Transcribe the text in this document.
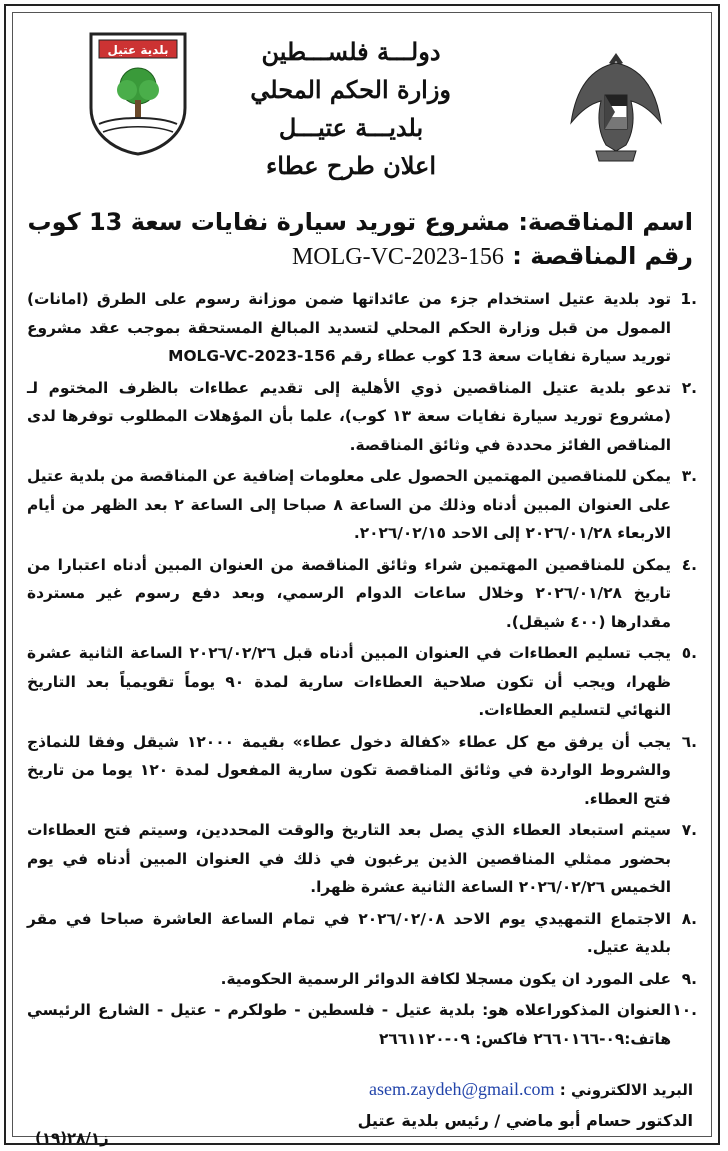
دولـــة فلســـطين
وزارة الحكم المحلي
بلديـــة عتيـــل
اعلان طرح عطاء
بلدية عتيل
اسم المناقصة: مشروع توريد سيارة نفايات سعة 13 كوب
رقم المناقصة : MOLG-VC-2023-156
.1
تود بلدية عتيل استخدام جزء من عائداتها ضمن موزانة رسوم على الطرق (امانات) الممول من قبل وزارة الحكم المحلي لتسديد المبالغ المستحقة بموجب عقد مشروع توريد سيارة نفايات سعة 13 كوب عطاء رقم MOLG-VC-2023-156
.٢
تدعو بلدية عتيل المناقصين ذوي الأهلية إلى تقديم عطاءات بالظرف المختوم لـ (مشروع توريد سيارة نفايات سعة ١٣ كوب)، علما بأن المؤهلات المطلوب توفرها لدى المناقص الفائز محددة في وثائق المناقصة.
.٣
يمكن للمناقصين المهتمين الحصول على معلومات إضافية عن المناقصة من بلدية عتيل على العنوان المبين أدناه وذلك من الساعة ٨ صباحا إلى الساعة ٢ بعد الظهر من أيام الاربعاء ٢٠٢٦/٠١/٢٨ إلى الاحد ٢٠٢٦/٠٢/١٥.
.٤
يمكن للمناقصين المهتمين شراء وثائق المناقصة من العنوان المبين أدناه اعتبارا من تاريخ ٢٠٢٦/٠١/٢٨ وخلال ساعات الدوام الرسمي، وبعد دفع رسوم غير مستردة مقدارها (٤٠٠ شيقل).
.٥
يجب تسليم العطاءات في العنوان المبين أدناه قبل ٢٠٢٦/٠٢/٢٦ الساعة الثانية عشرة ظهرا، ويجب أن تكون صلاحية العطاءات سارية لمدة ٩٠ يوماً تقويمياً بعد التاريخ النهائي لتسليم العطاءات.
.٦
يجب أن يرفق مع كل عطاء «كفالة دخول عطاء» بقيمة ١٢٠٠٠ شيقل وفقا للنماذج والشروط الواردة في وثائق المناقصة تكون سارية المفعول لمدة ١٢٠ يوما من تاريخ فتح العطاء.
.٧
سيتم استبعاد العطاء الذي يصل بعد التاريخ والوقت المحددين، وسيتم فتح العطاءات بحضور ممثلي المناقصين الذين يرغبون في ذلك في العنوان المبين أدناه في يوم الخميس ٢٠٢٦/٠٢/٢٦ الساعة الثانية عشرة ظهرا.
.٨
الاجتماع التمهيدي يوم الاحد ٢٠٢٦/٠٢/٠٨ في تمام الساعة العاشرة صباحا في مقر بلدية عتيل.
.٩
على المورد ان يكون مسجلا لكافة الدوائر الرسمية الحكومية.
.١٠
العنوان المذكوراعلاه هو: بلدية عتيل - فلسطين - طولكرم - عتيل - الشارع الرئيسي هاتف:٠٩-٢٦٦٠١٦٦ فاكس: ٠٩-٢٦٦١١٢٠
البريد الالكتروني : asem.zaydeh@gmail.com
الدكتور حسام أبو ماضي / رئيس بلدية عتيل
ز٢٨/١(١٩)
